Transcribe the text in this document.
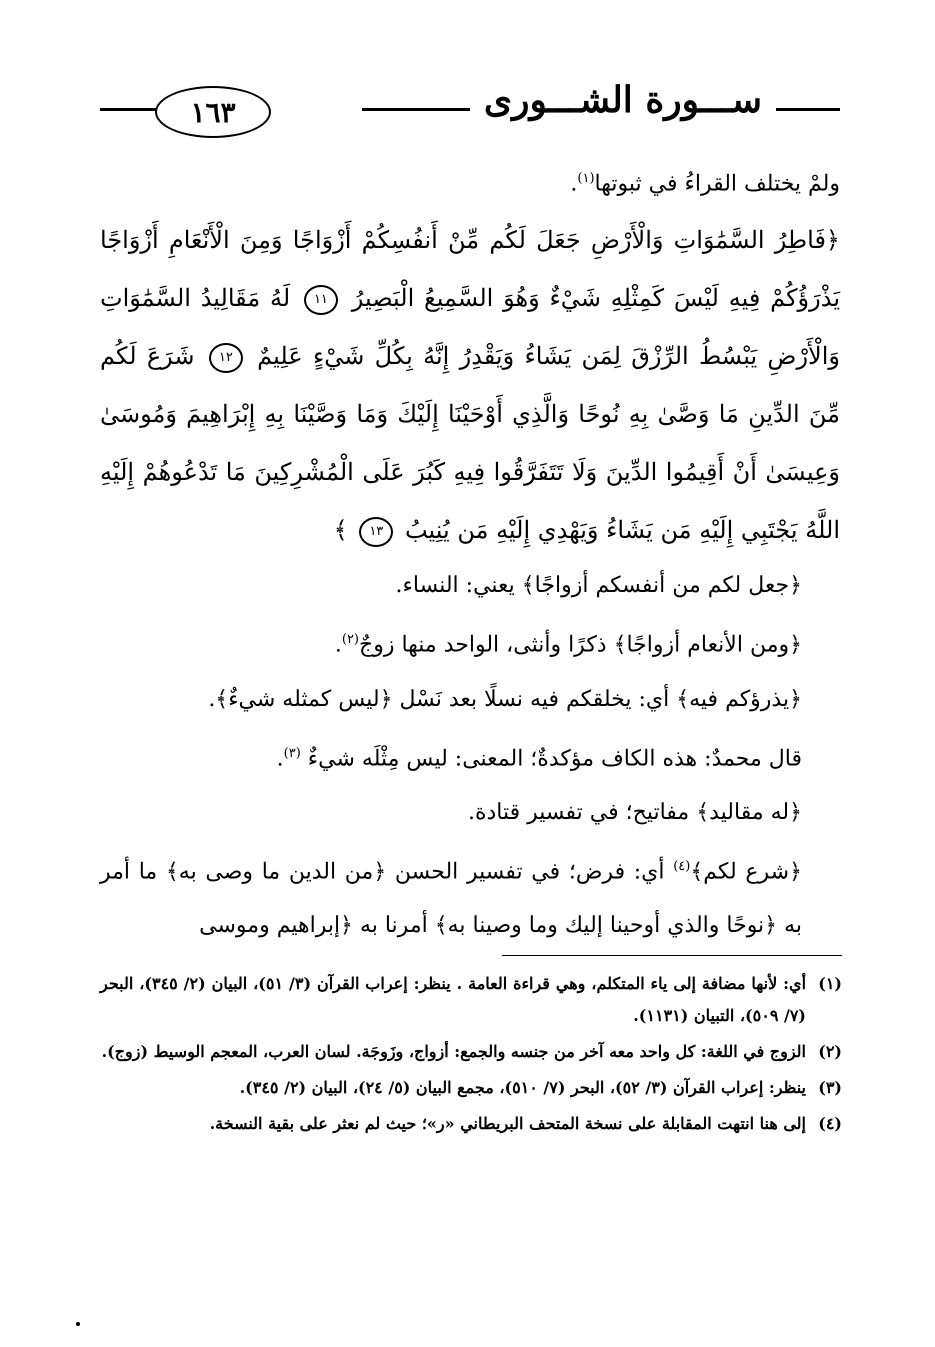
١٦٣	ســـورة الشـــورى

ولمْ يختلف القراءُ في ثبوتها$^{(١)}$.

﴿فَاطِرُ السَّمَٰوَاتِ وَالْأَرْضِ جَعَلَ لَكُم مِّنْ أَنفُسِكُمْ أَزْوَاجًا وَمِنَ الْأَنْعَامِ أَزْوَاجًا يَذْرَؤُكُمْ فِيهِ لَيْسَ كَمِثْلِهِ شَيْءٌ وَهُوَ السَّمِيعُ الْبَصِيرُ ١١ لَهُ مَقَالِيدُ السَّمَٰوَاتِ وَالْأَرْضِ يَبْسُطُ الرِّزْقَ لِمَن يَشَاءُ وَيَقْدِرُ إِنَّهُ بِكُلِّ شَيْءٍ عَلِيمٌ ١٢ شَرَعَ لَكُم مِّنَ الدِّينِ مَا وَصَّىٰ بِهِ نُوحًا وَالَّذِي أَوْحَيْنَا إِلَيْكَ وَمَا وَصَّيْنَا بِهِ إِبْرَاهِيمَ وَمُوسَىٰ وَعِيسَىٰ أَنْ أَقِيمُوا الدِّينَ وَلَا تَتَفَرَّقُوا فِيهِ كَبُرَ عَلَى الْمُشْرِكِينَ مَا تَدْعُوهُمْ إِلَيْهِ اللَّهُ يَجْتَبِي إِلَيْهِ مَن يَشَاءُ وَيَهْدِي إِلَيْهِ مَن يُنِيبُ ١٣ ﴾

﴿جعل لكم من أنفسكم أزواجًا﴾ يعني: النساء.

﴿ومن الأنعام أزواجًا﴾ ذكرًا وأنثى، الواحد منها زوجٌ$^{(٢)}$.

﴿يذرؤكم فيه﴾ أي: يخلقكم فيه نسلًا بعد نَسْل ﴿ليس كمثله شيءٌ﴾.

قال محمدٌ: هذه الكاف مؤكدةٌ؛ المعنى: ليس مِثْلَه شيءٌ $^{(٣)}$.

﴿له مقاليد﴾ مفاتيح؛ في تفسير قتادة.

﴿شرع لكم﴾$^{(٤)}$ أي: فرض؛ في تفسير الحسن ﴿من الدين ما وصى به﴾ ما أمر به ﴿نوحًا والذي أوحينا إليك وما وصينا به﴾ أمرنا به ﴿إبراهيم وموسى

(١)
أي: لأنها مضافة إلى ياء المتكلم، وهي قراءة العامة . ينظر: إعراب القرآن (٣/ ٥١)، البيان (٢/ ٣٤٥)، البحر (٧/ ٥٠٩)، التبيان (١١٣١).
(٢)
الزوج في اللغة: كل واحد معه آخر من جنسه والجمع: أزواج، وزَوجَة. لسان العرب، المعجم الوسيط (زوج).
(٣)
ينظر: إعراب القرآن (٣/ ٥٢)، البحر (٧/ ٥١٠)، مجمع البيان (٥/ ٢٤)، البيان (٢/ ٣٤٥).
(٤)
إلى هنا انتهت المقابلة على نسخة المتحف البريطاني «ر»؛ حيث لم نعثر على بقية النسخة.
